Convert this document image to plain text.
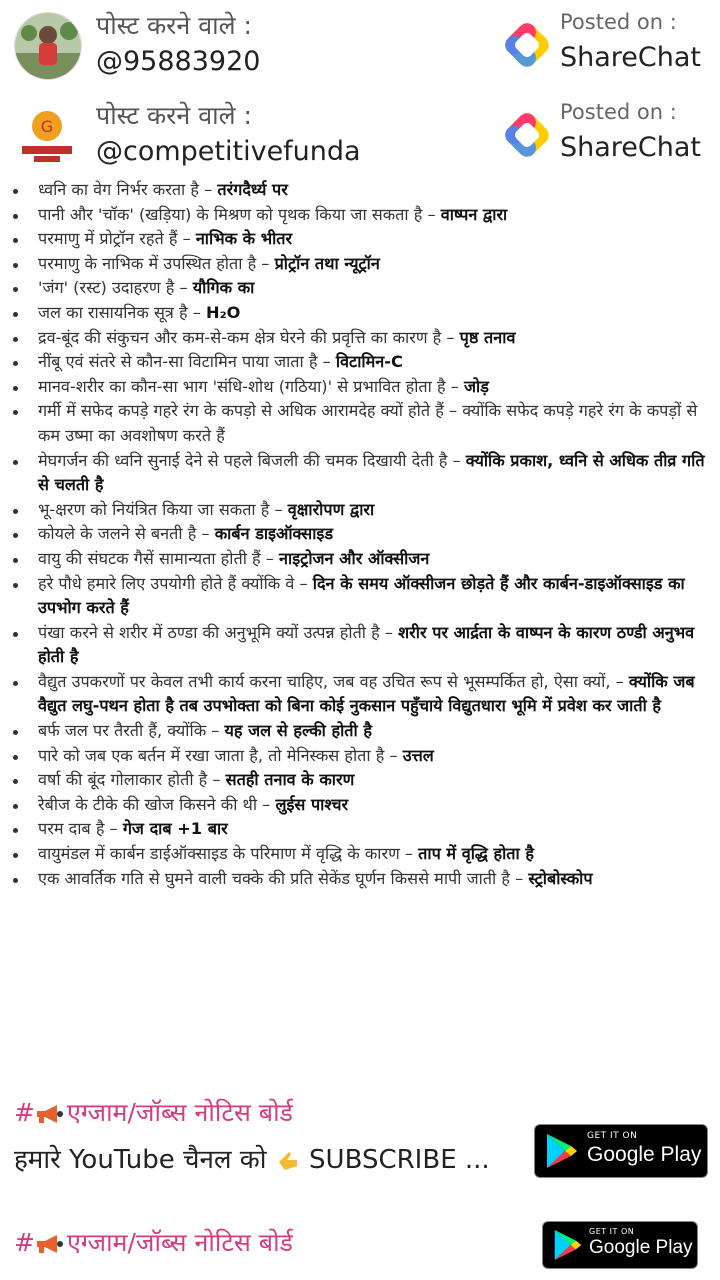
पोस्ट करने वाले :
@95883920
Posted on :
ShareChat
G पोस्ट करने वाले :
@competitivefunda
Posted on :
ShareChat
ध्वनि का वेग निर्भर करता है – तरंगदैर्ध्य पर
पानी और 'चॉक' (खड़िया) के मिश्रण को पृथक किया जा सकता है – वाष्पन द्वारा
परमाणु में प्रोट्रॉन रहते हैं – नाभिक के भीतर
परमाणु के नाभिक में उपस्थित होता है – प्रोट्रॉन तथा न्यूट्रॉन
'जंग' (रस्ट) उदाहरण है – यौगिक का
जल का रासायनिक सूत्र है – H₂O
द्रव-बूंद की संकुचन और कम-से-कम क्षेत्र घेरने की प्रवृत्ति का कारण है – पृष्ठ तनाव
नींबू एवं संतरे से कौन-सा विटामिन पाया जाता है – विटामिन-C
मानव-शरीर का कौन-सा भाग 'संधि-शोथ (गठिया)' से प्रभावित होता है – जोड़
गर्मी में सफेद कपड़े गहरे रंग के कपड़ो से अधिक आरामदेह क्यों होते हैं – क्योंकि सफेद कपड़े गहरे रंग के कपड़ों से कम उष्मा का अवशोषण करते हैं
मेघगर्जन की ध्वनि सुनाई देने से पहले बिजली की चमक दिखायी देती है – क्योंकि प्रकाश, ध्वनि से अधिक तीव्र गति से चलती है
भू-क्षरण को नियंत्रित किया जा सकता है – वृक्षारोपण द्वारा
कोयले के जलने से बनती है – कार्बन डाइऑक्साइड
वायु की संघटक गैसें सामान्यता होती हैं – नाइट्रोजन और ऑक्सीजन
हरे पौधे हमारे लिए उपयोगी होते हैं क्योंकि वे – दिन के समय ऑक्सीजन छोड़ते हैं और कार्बन-डाइऑक्साइड का उपभोग करते हैं
पंखा करने से शरीर में ठण्डा की अनुभूमि क्यों उत्पन्न होती है – शरीर पर आर्द्रता के वाष्पन के कारण ठण्डी अनुभव होती है
वैद्युत उपकरणों पर केवल तभी कार्य करना चाहिए, जब वह उचित रूप से भूसम्पर्कित हो, ऐसा क्यों, – क्योंकि जब वैद्युत लघु-पथन होता है तब उपभोक्ता को बिना कोई नुकसान पहुँचाये विद्युतधारा भूमि में प्रवेश कर जाती है
बर्फ जल पर तैरती हैं, क्योंकि – यह जल से हल्की होती है
पारे को जब एक बर्तन में रखा जाता है, तो मेनिस्कस होता है – उत्तल
वर्षा की बूंद गोलाकार होती है – सतही तनाव के कारण
रेबीज के टीके की खोज किसने की थी – लुईस पाश्चर
परम दाब है – गेज दाब +1 बार
वायुमंडल में कार्बन डाईऑक्साइड के परिमाण में वृद्धि के कारण – ताप में वृद्धि होता है
एक आवर्तिक गति से घुमने वाली चक्के की प्रति सेकेंड घूर्णन किससे मापी जाती है – स्ट्रोबोस्कोप
# एग्जाम/जॉब्स नोटिस बोर्ड
हमारे YouTube चैनल को SUBSCRIBE ...
GET IT ON
Google Play
# एग्जाम/जॉब्स नोटिस बोर्ड	GET IT ON
Google Play
